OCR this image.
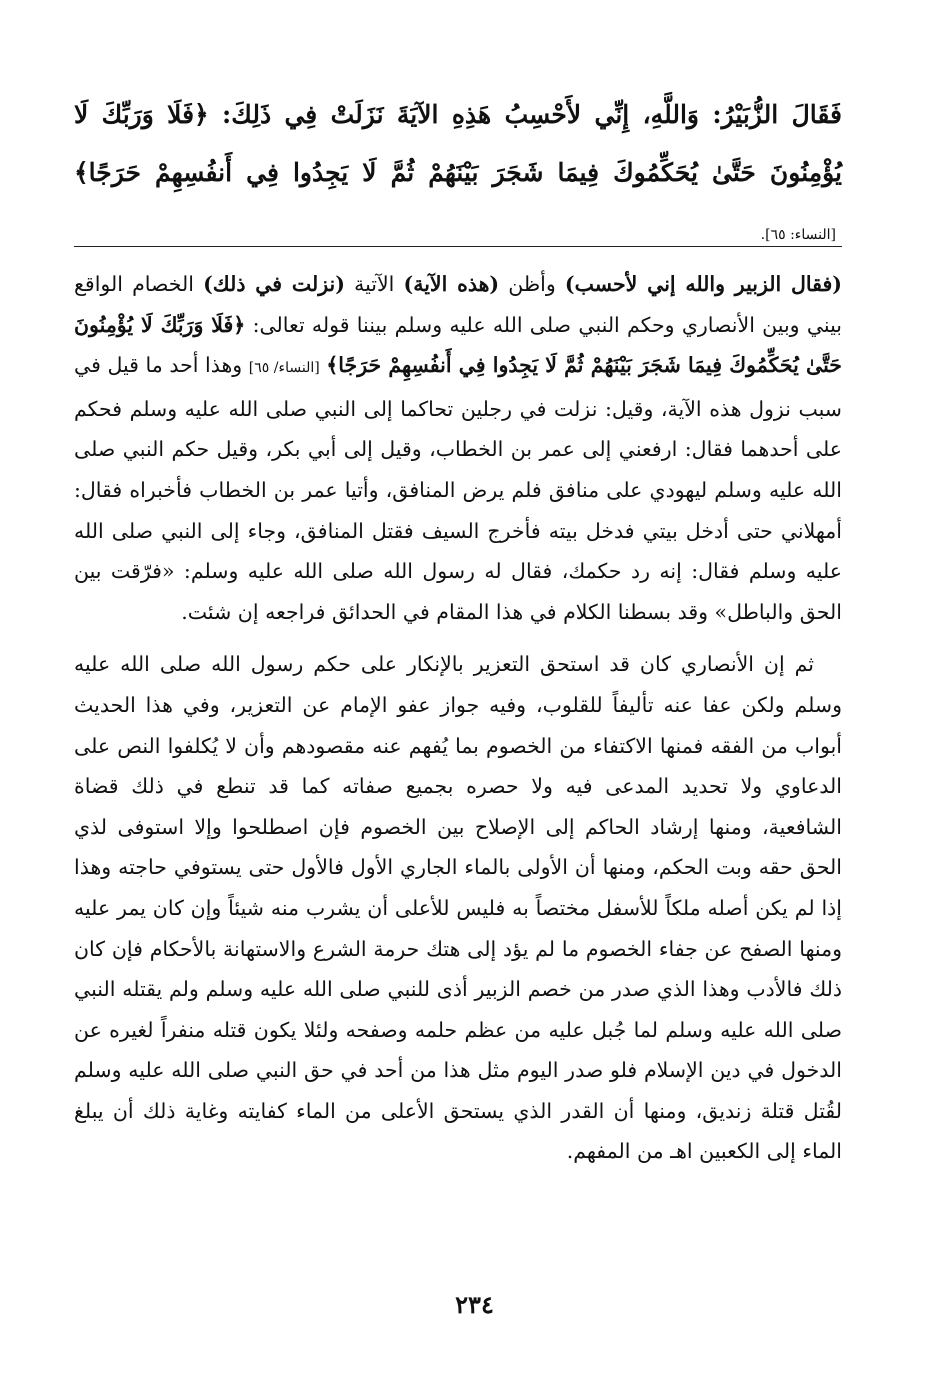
فَقَالَ الزُّبَيْرُ: وَاللَّهِ، إِنِّي لأَحْسِبُ هَذِهِ الآيَةَ نَزَلَتْ فِي ذَلِكَ: ﴿فَلَا وَرَبِّكَ لَا يُؤْمِنُونَ حَتَّىٰ يُحَكِّمُوكَ فِيمَا شَجَرَ بَيْنَهُمْ ثُمَّ لَا يَجِدُوا فِي أَنفُسِهِمْ حَرَجًا﴾ [النساء: ٦٥].

(فقال الزبير والله إني لأحسب) وأظن (هذه الآية) الآتية (نزلت في ذلك) الخصام الواقع بيني وبين الأنصاري وحكم النبي صلى الله عليه وسلم بيننا قوله تعالى: ﴿فَلَا وَرَبِّكَ لَا يُؤْمِنُونَ حَتَّىٰ يُحَكِّمُوكَ فِيمَا شَجَرَ بَيْنَهُمْ ثُمَّ لَا يَجِدُوا فِي أَنفُسِهِمْ حَرَجًا﴾ [النساء/ ٦٥] وهذا أحد ما قيل في سبب نزول هذه الآية، وقيل: نزلت في رجلين تحاكما إلى النبي صلى الله عليه وسلم فحكم على أحدهما فقال: ارفعني إلى عمر بن الخطاب، وقيل إلى أبي بكر، وقيل حكم النبي صلى الله عليه وسلم ليهودي على منافق فلم يرض المنافق، وأتيا عمر بن الخطاب فأخبراه فقال: أمهلاني حتى أدخل بيتي فدخل بيته فأخرج السيف فقتل المنافق، وجاء إلى النبي صلى الله عليه وسلم فقال: إنه رد حكمك، فقال له رسول الله صلى الله عليه وسلم: «فرّقت بين الحق والباطل» وقد بسطنا الكلام في هذا المقام في الحدائق فراجعه إن شئت.

ثم إن الأنصاري كان قد استحق التعزير بالإنكار على حكم رسول الله صلى الله عليه وسلم ولكن عفا عنه تأليفاً للقلوب، وفيه جواز عفو الإمام عن التعزير، وفي هذا الحديث أبواب من الفقه فمنها الاكتفاء من الخصوم بما يُفهم عنه مقصودهم وأن لا يُكلفوا النص على الدعاوي ولا تحديد المدعى فيه ولا حصره بجميع صفاته كما قد تنطع في ذلك قضاة الشافعية، ومنها إرشاد الحاكم إلى الإصلاح بين الخصوم فإن اصطلحوا وإلا استوفى لذي الحق حقه وبت الحكم، ومنها أن الأولى بالماء الجاري الأول فالأول حتى يستوفي حاجته وهذا إذا لم يكن أصله ملكاً للأسفل مختصاً به فليس للأعلى أن يشرب منه شيئاً وإن كان يمر عليه ومنها الصفح عن جفاء الخصوم ما لم يؤد إلى هتك حرمة الشرع والاستهانة بالأحكام فإن كان ذلك فالأدب وهذا الذي صدر من خصم الزبير أذى للنبي صلى الله عليه وسلم ولم يقتله النبي صلى الله عليه وسلم لما جُبل عليه من عظم حلمه وصفحه ولئلا يكون قتله منفراً لغيره عن الدخول في دين الإسلام فلو صدر اليوم مثل هذا من أحد في حق النبي صلى الله عليه وسلم لقُتل قتلة زنديق، ومنها أن القدر الذي يستحق الأعلى من الماء كفايته وغاية ذلك أن يبلغ الماء إلى الكعبين اهـ من المفهم.

٢٣٤
